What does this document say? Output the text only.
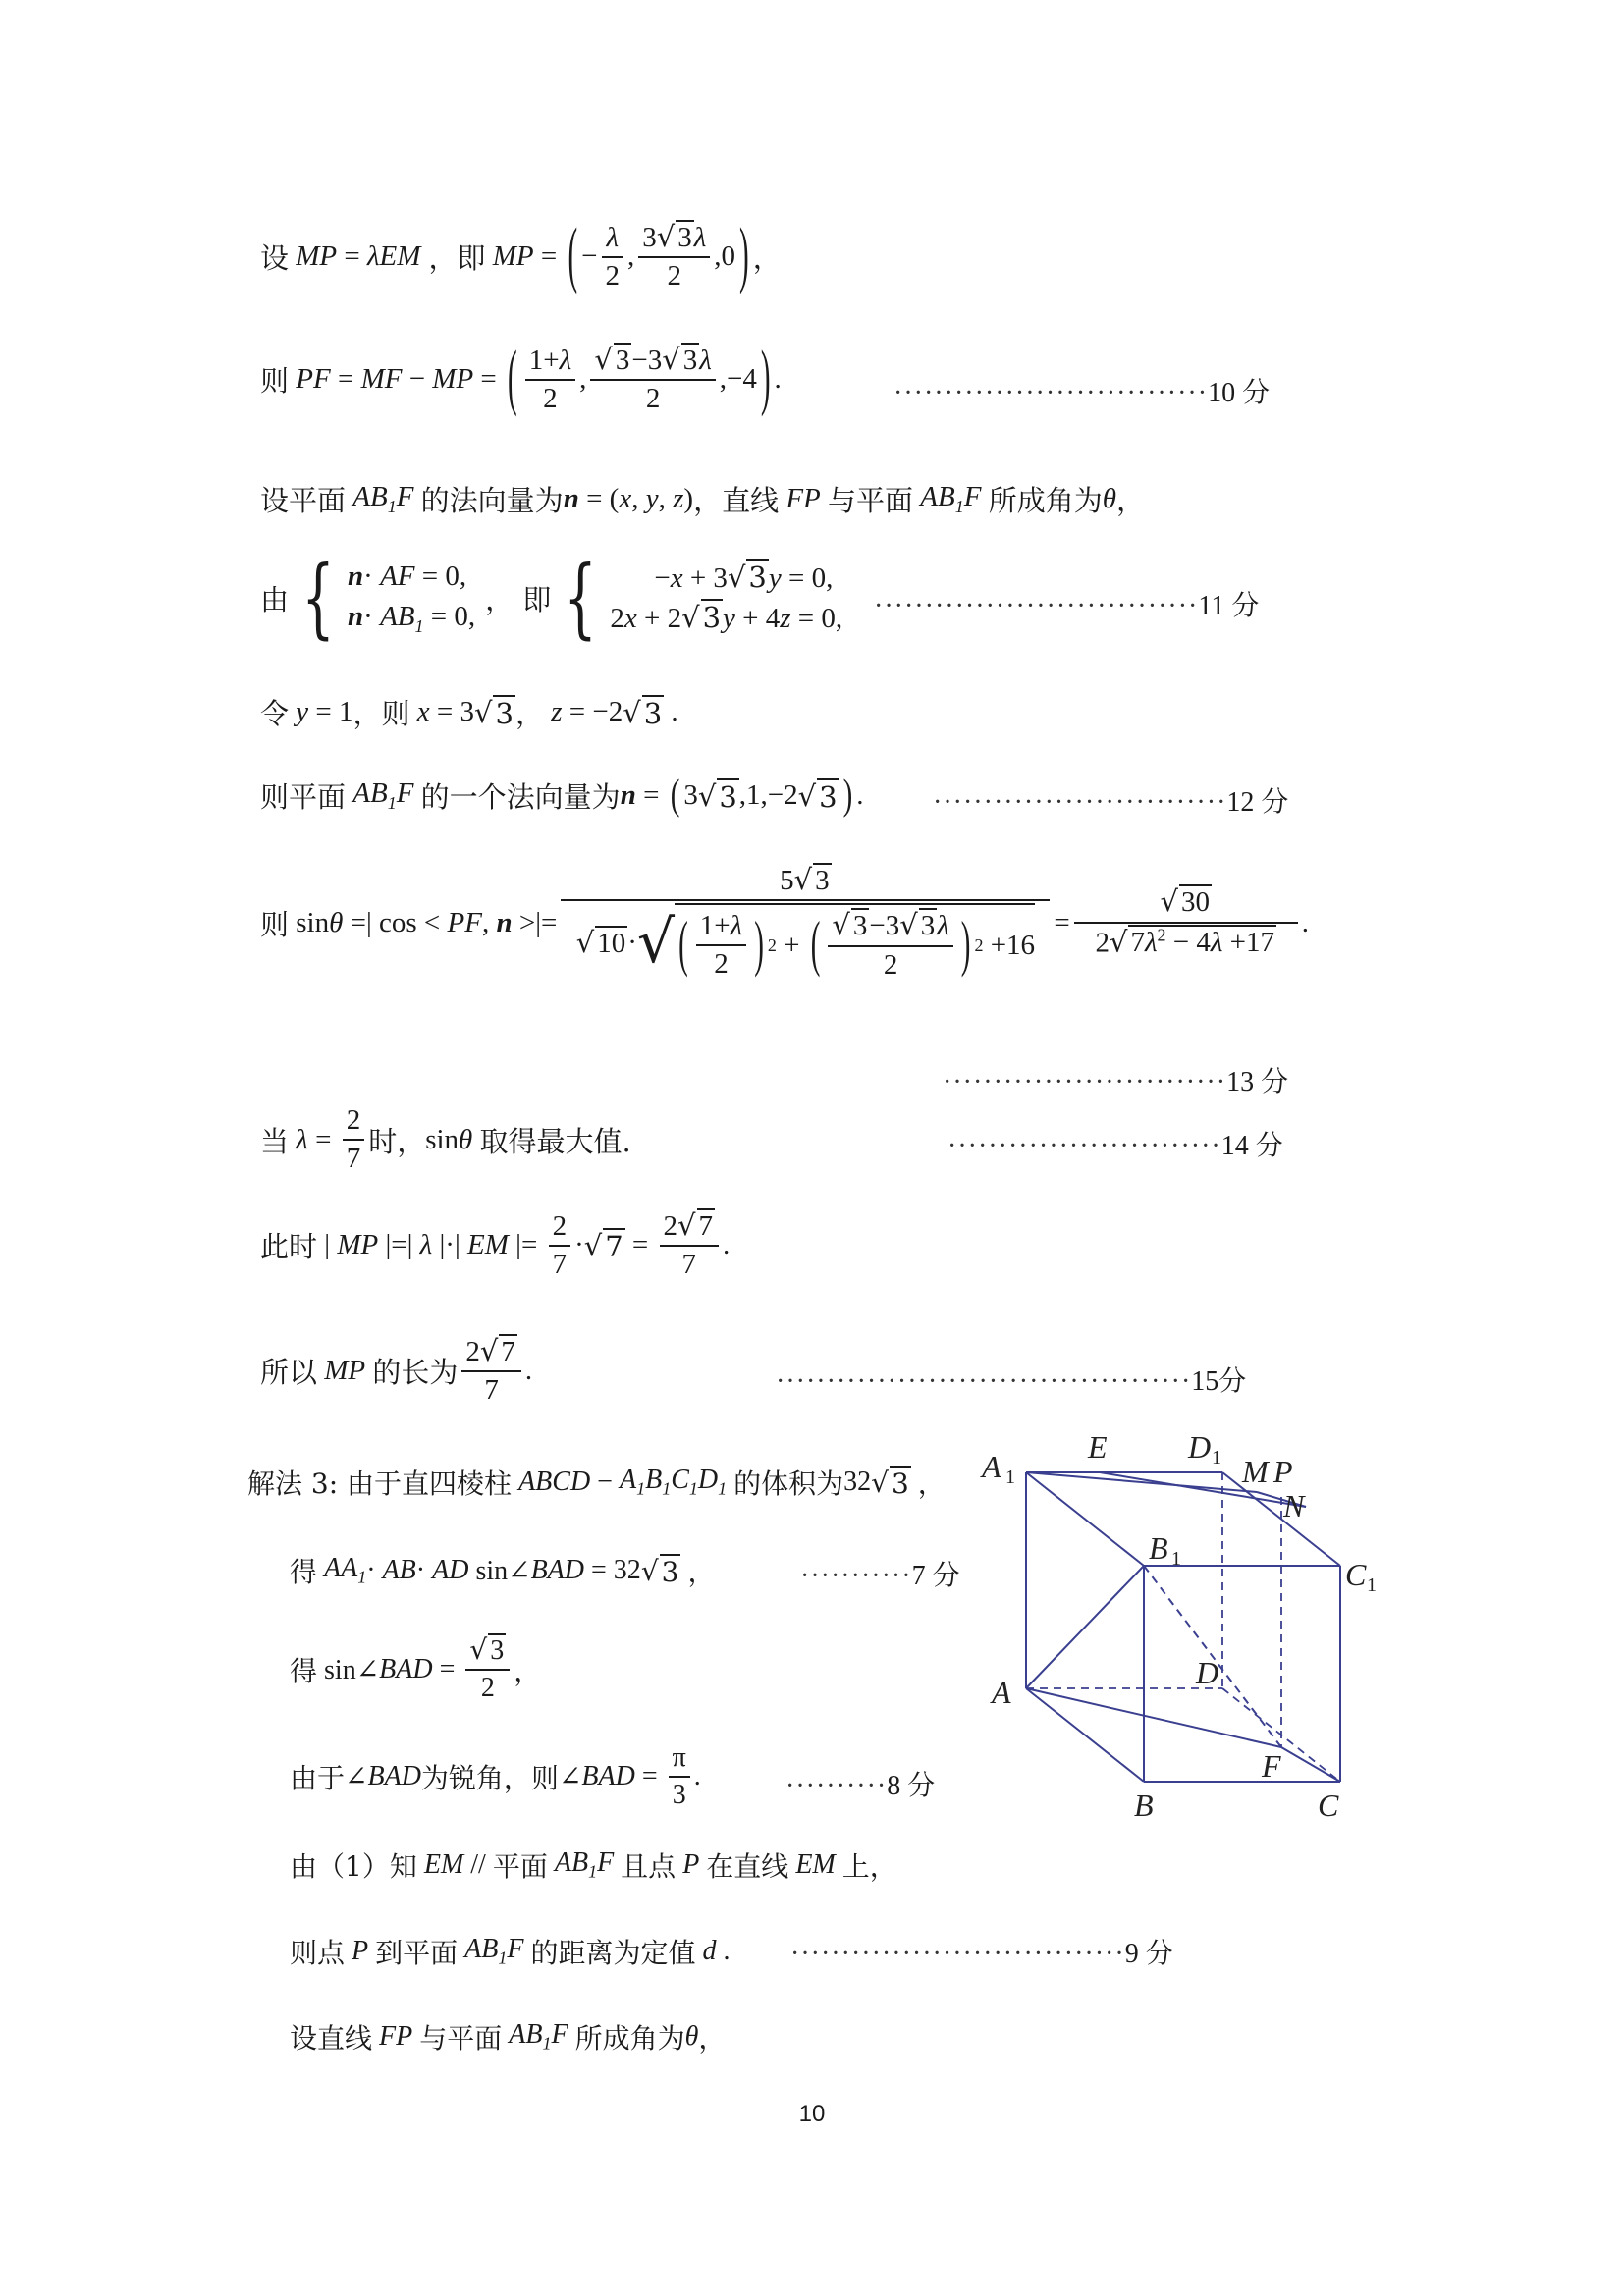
设 MP = λEM ，即 MP = ( − $\frac{\lambda}{2}$ , $\frac{3√ 3\lambda}{2} ,0$ ) ，
则 PF = MF − MP = ( $\frac{1+\lambda}{2}$ , $\frac{√ 3-3√ 3\lambda}{2} ,-4$ ) .	·······························10 分
设平面 $AB_1F$ 的法向量为 n = ( x , y , z ) ，直线 FP 与平面 $AB_1F$ 所成角为 θ ，
由 { n· AF = 0,
$n\cdot AB_1 = 0$,
， 即 {	−x + 3√ 3y = 0,
2x + 2√ 3y + 4z = 0, ································11 分
令 y = 1 ，则 x = 3 √ 3 ， z = −2 √ 3 .
则平面 $AB_1F$ 的一个法向量为 n = ( 3 √ 3 ,1,−2 √ 3 ) .	·····························12 分
则 sin θ =| cos < PF , n >|=
5√ 3
√ 10 · √ ( $\frac{1+\lambda}{2}$ ) 2 + ( $\frac{√ 3-3√ 3\lambda}{2}$ ) 2 +16
= $\frac{√ 30}{2√ 7\lambda^2 - 4\lambda +17}$ .
····························13 分
当 $\lambda = \frac{2}{7}$ 时， sin θ 取得最大值.	···························14 分
此时 | MP |=| λ |·| EM |= $\frac{2}{7}$ · √ $7 = \frac{2√ 7}{7}$ .
所以 MP 的长为 $\frac{2√ 7}{7}$ .	·········································15分
解法 3: 由于直四棱柱 ABCD − $A_1B_1C_1D_1$ 的体积为 32 √ 3 ，
得 $AA_1$ · AB · AD sin∠ BAD = 32 √ 3 ，	···········7 分
得 sin∠ BAD = $\frac{√ 3}{2}$ ，
由于 ∠ BAD 为锐角，则 ∠ BAD = $\frac{\pi}{3}$ .	··········8 分
由（1）知 EM // 平面 $AB_1F$ 且点 P 在直线 EM 上，
则点 P 到平面 $AB_1F$ 的距离为定值 d . ·································9 分
设直线 FP 与平面 $AB_1F$ 所成角为 θ ，
A 1
E	D 1 M P
N
B 1	C 1
D
A
F
B	C
10
